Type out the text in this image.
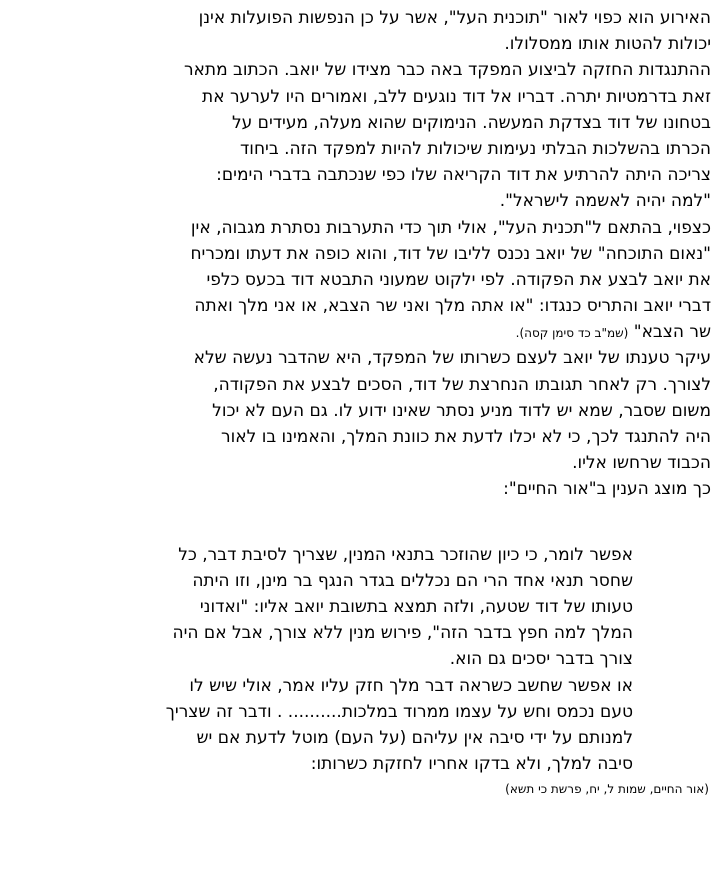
האירוע הוא כפוי לאור "תוכנית העל", אשר על כן הנפשות הפועלות אינן
יכולות להטות אותו ממסלולו.
ההתנגדות החזקה לביצוע המפקד באה כבר מצידו של יואב. הכתוב מתאר
זאת בדרמטיות יתרה. דבריו אל דוד נוגעים ללב, ואמורים היו לערער את
בטחונו של דוד בצדקת המעשה. הנימוקים שהוא מעלה, מעידים על
הכרתו בהשלכות הבלתי נעימות שיכולות להיות למפקד הזה. ביחוד
צריכה היתה להרתיע את דוד הקריאה שלו כפי שנכתבה בדברי הימים:
"למה יהיה לאשמה לישראל".
כצפוי, בהתאם ל"תכנית העל", אולי תוך כדי התערבות נסתרת מגבוה, אין
"נאום התוכחה" של יואב נכנס לליבו של דוד, והוא כופה את דעתו ומכריח
את יואב לבצע את הפקודה. לפי ילקוט שמעוני התבטא דוד בכעס כלפי
דברי יואב והתריס כנגדו: "או אתה מלך ואני שר הצבא, או אני מלך ואתה
שר הצבא" (שמ"ב כד סימן קסה).
עיקר טענתו של יואב לעצם כשרותו של המפקד, היא שהדבר נעשה שלא
לצורך. רק לאחר תגובתו הנחרצת של דוד, הסכים לבצע את הפקודה,
משום שסבר, שמא יש לדוד מניע נסתר שאינו ידוע לו. גם העם לא יכול
היה להתנגד לכך, כי לא יכלו לדעת את כוונת המלך, והאמינו בו לאור
הכבוד שרחשו אליו.
כך מוצג הענין ב"אור החיים":
אפשר לומר, כי כיון שהוזכר בתנאי המנין, שצריך לסיבת דבר, כל
שחסר תנאי אחד הרי הם נכללים בגדר הנגף בר מינן, וזו היתה
טעותו של דוד שטעה, ולזה תמצא בתשובת יואב אליו: "ואדוני
המלך למה חפץ בדבר הזה", פירוש מנין ללא צורך, אבל אם היה
צורך בדבר יסכים גם הוא.
או אפשר שחשב כשראה דבר מלך חזק עליו אמר, אולי שיש לו
טעם נכמס וחש על עצמו ממרוד במלכות.......... . ודבר זה שצריך
למנותם על ידי סיבה אין עליהם (על העם) מוטל לדעת אם יש
סיבה למלך, ולא בדקו אחריו לחזקת כשרותו:
(אור החיים, שמות ל, יח, פרשת כי תשא)
